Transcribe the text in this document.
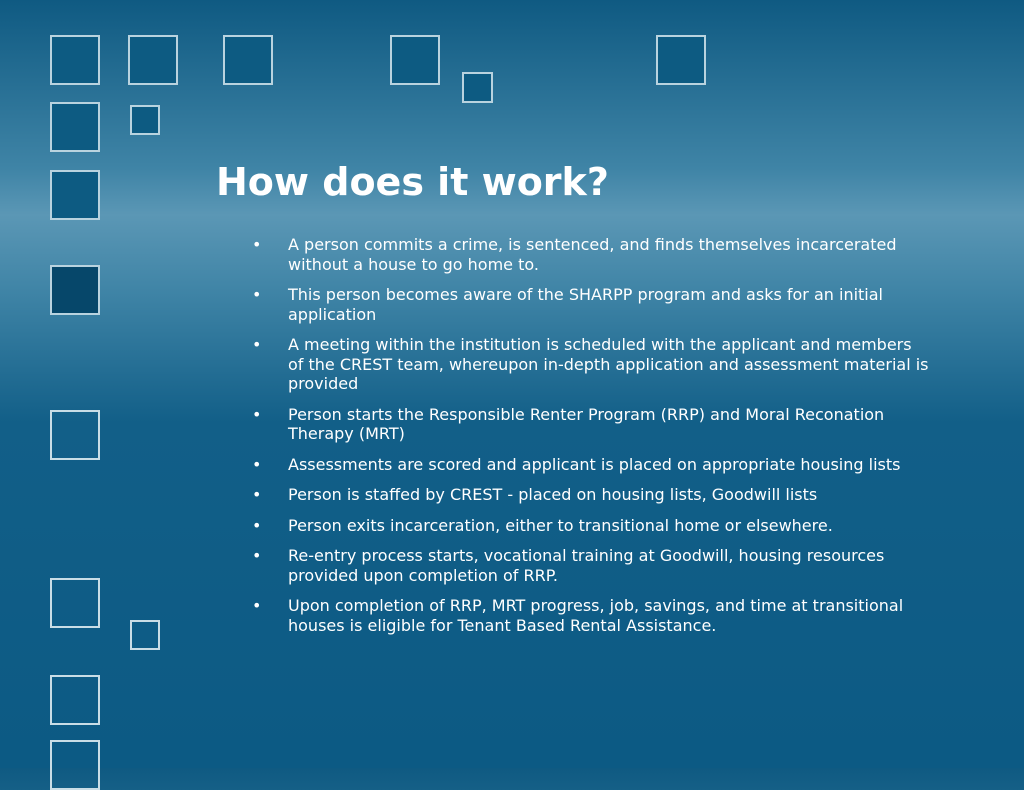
How does it work?
• A person commits a crime, is sentenced, and finds themselves incarcerated without a house to go home to.
• This person becomes aware of the SHARPP program and asks for an initial application
• A meeting within the institution is scheduled with the applicant and members of the CREST team, whereupon in-depth application and assessment material is provided
• Person starts the Responsible Renter Program (RRP) and Moral Reconation Therapy (MRT)
• Assessments are scored and applicant is placed on appropriate housing lists
• Person is staffed by CREST - placed on housing lists, Goodwill lists
• Person exits incarceration, either to transitional home or elsewhere.
• Re-entry process starts, vocational training at Goodwill, housing resources provided upon completion of RRP.
• Upon completion of RRP, MRT progress, job, savings, and time at transitional houses is eligible for Tenant Based Rental Assistance.
